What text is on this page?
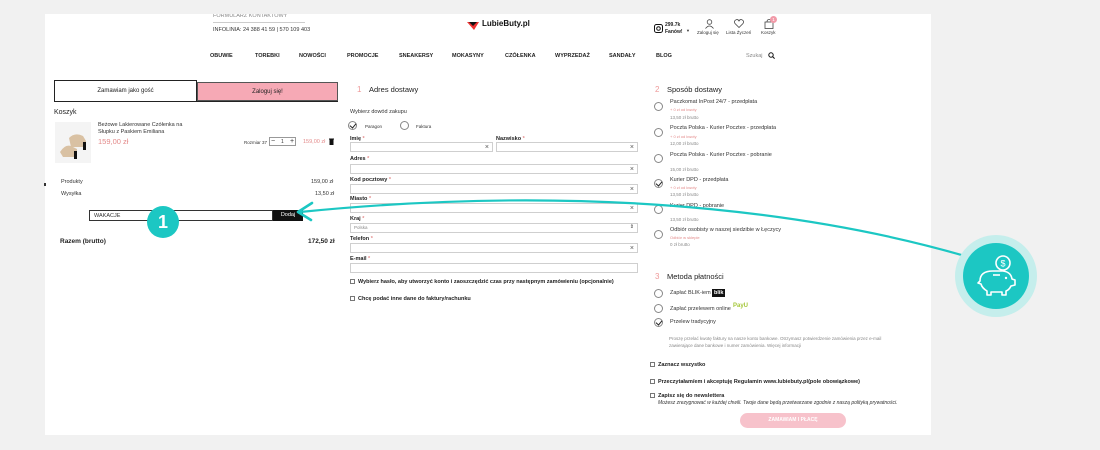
FORMULARZ KONTAKTOWY
INFOLINIA: 24 388 41 59 | 570 109 403
LubieButy.pl	299.7k
Fanów! ▼ Zaloguj się Lista Życzeń
1
Koszyk
OBUWIE	TOREBKI	NOWOŚCI	PROMOCJE	SNEAKERSY	MOKASYNY	CZÓŁENKA	WYPRZEDAŻ	SANDAŁY	BLOG	Szukaj
Zamawiam jako gość	Zaloguj się!
Koszyk
Beżowe Lakierowane Czółenka na
Słupku z Paskiem Emiliana
159,00 zł	Rozmiar 37 − 1 + 159,00 zł
Produkty	159,00 zł
Wysyłka	13,50 zł
WAKACJE	Dodaj
Razem (brutto)	172,50 zł
1 Adres dostawy
Wybierz dowód zakupu
Paragon	Faktura
Imię *
×
Nazwisko *
×
Adres *
×
Kod pocztowy *
×
Miasto *
×
Kraj *
Polska	⇕
Telefon *
×
E-mail *
Wybierz hasło, aby utworzyć konto i zaoszczędzić czas przy następnym zamówieniu (opcjonalnie)
Chcę podać inne dane do faktury/rachunku
2 Sposób dostawy
Paczkomat InPost 24/7 - przedpłata
+ 0 zł od kwoty
13,50 zł brutto
Poczta Polska - Kurier Pocztex - przedpłata
+ 0 zł od kwoty
12,00 zł brutto
Poczta Polska - Kurier Pocztex - pobranie
15,00 zł brutto
Kurier DPD - przedpłata
+ 0 zł od kwoty
13,50 zł brutto
Kurier DPD - pobranie
13,50 zł brutto
Odbiór osobisty w naszej siedzibie w Łęczycy
Odbiór w sklepie
0 zł brutto
3 Metoda płatności
Zapłać BLIK-iem blik
Zapłać przelewem online PayU
Przelew tradycyjny
Proszę przelać kwotę faktury na nasze konto bankowe. Otrzymasz potwierdzenie zamówienia przez e-mail
zawierające dane bankowe i numer zamówienia. Więcej informacji
Zaznacz wszystko
Przeczytałam/em i akceptuję Regulamin www.lubiebuty.pl(pole obowiązkowe)
Zapisz się do newslettera
Możesz zrezygnować w każdej chwili. Twoje dane będą przetwarzane zgodnie z naszą polityką prywatności.
ZAMAWIAM I PŁACĘ
1
$
